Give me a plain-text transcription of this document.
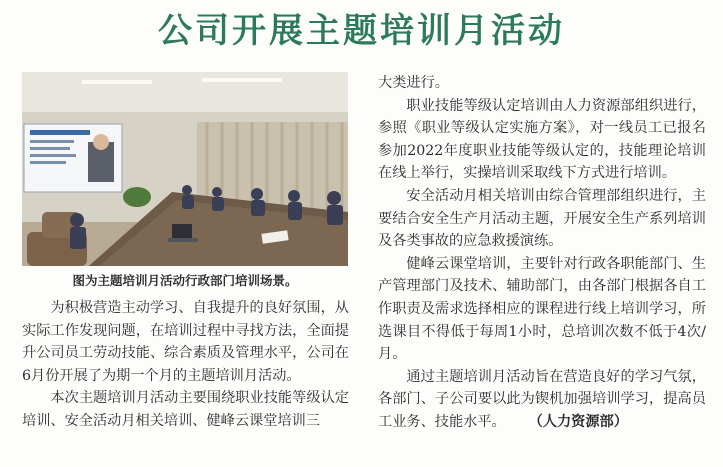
公司开展主题培训月活动
图为主题培训月活动行政部门培训场景。

为积极营造主动学习、自我提升的良好氛围，从实际工作发现问题，在培训过程中寻找方法，全面提升公司员工劳动技能、综合素质及管理水平，公司在6月份开展了为期一个月的主题培训月活动。

本次主题培训月活动主要围绕职业技能等级认定培训、安全活动月相关培训、健峰云课堂培训三

大类进行。

职业技能等级认定培训由人力资源部组织进行，参照《职业等级认定实施方案》，对一线员工已报名参加2022年度职业技能等级认定的，技能理论培训在线上举行，实操培训采取线下方式进行培训。

安全活动月相关培训由综合管理部组织进行，主要结合安全生产月活动主题，开展安全生产系列培训及各类事故的应急救援演练。

健峰云课堂培训，主要针对行政各职能部门、生产管理部门及技术、辅助部门，由各部门根据各自工作职责及需求选择相应的课程进行线上培训学习，所选课目不得低于每周1小时，总培训次数不低于4次/月。

通过主题培训月活动旨在营造良好的学习气氛，各部门、子公司要以此为锲机加强培训学习，提高员工业务、技能水平。 （人力资源部）
